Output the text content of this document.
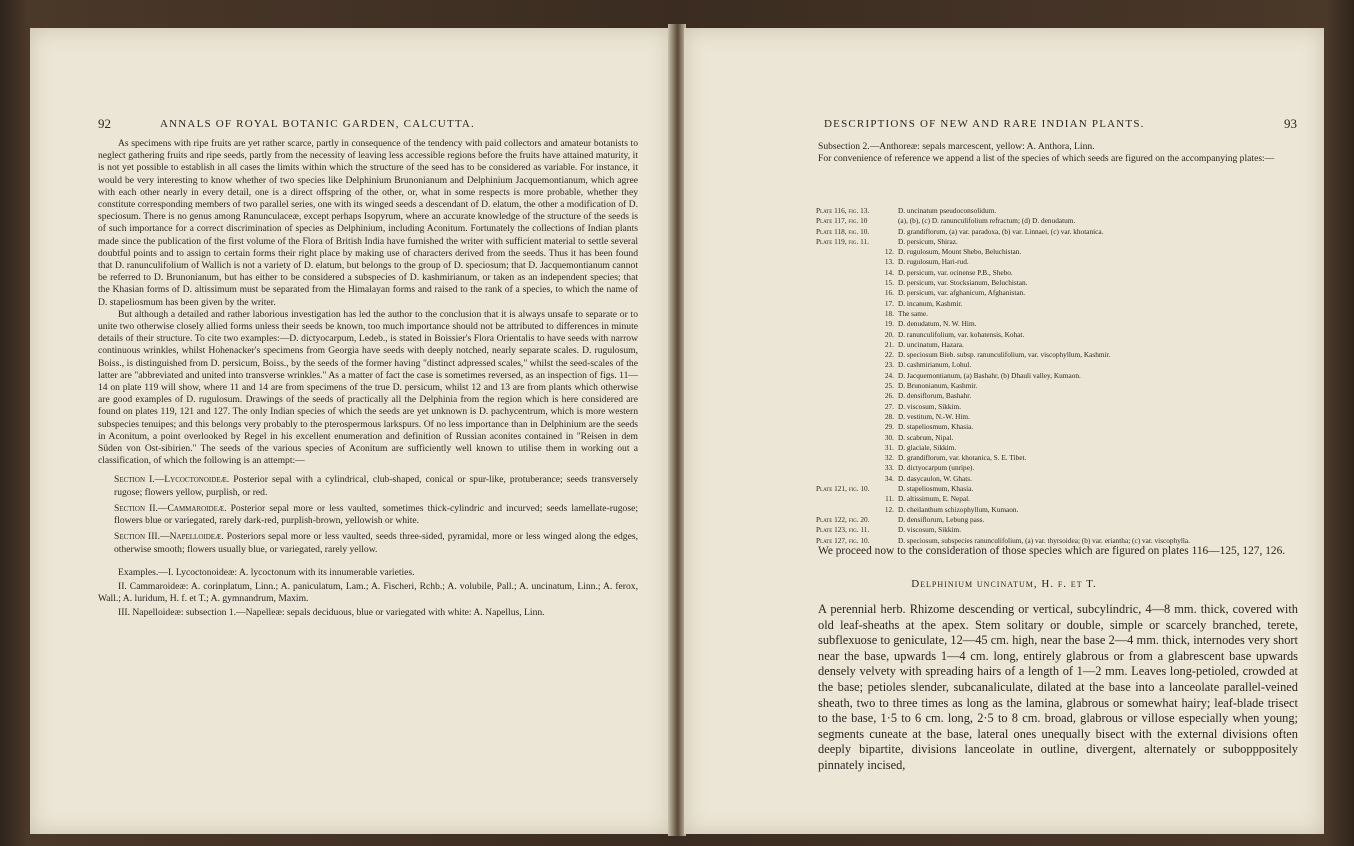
92	ANNALS OF ROYAL BOTANIC GARDEN, CALCUTTA.

As specimens with ripe fruits are yet rather scarce, partly in consequence of the tendency with paid collectors and amateur botanists to neglect gathering fruits and ripe seeds, partly from the necessity of leaving less accessible regions before the fruits have attained maturity, it is not yet possible to establish in all cases the limits within which the structure of the seed has to be considered as variable. For instance, it would be very interesting to know whether of two species like Delphinium Brunonianum and Delphinium Jacquemontianum, which agree with each other nearly in every detail, one is a direct offspring of the other, or, what in some respects is more probable, whether they constitute corresponding members of two parallel series, one with its winged seeds a descendant of D. elatum, the other a modification of D. speciosum. There is no genus among Ranunculaceæ, except perhaps Isopyrum, where an accurate knowledge of the structure of the seeds is of such importance for a correct discrimination of species as Delphinium, including Aconitum. Fortunately the collections of Indian plants made since the publication of the first volume of the Flora of British India have furnished the writer with sufficient material to settle several doubtful points and to assign to certain forms their right place by making use of characters derived from the seeds. Thus it has been found that D. ranunculifolium of Wallich is not a variety of D. elatum, but belongs to the group of D. speciosum; that D. Jacquemontianum cannot be referred to D. Brunonianum, but has either to be considered a subspecies of D. kashmirianum, or taken as an independent species; that the Khasian forms of D. altissimum must be separated from the Himalayan forms and raised to the rank of a species, to which the name of D. stapeliosmum has been given by the writer.

But although a detailed and rather laborious investigation has led the author to the conclusion that it is always unsafe to separate or to unite two otherwise closely allied forms unless their seeds be known, too much importance should not be attributed to differences in minute details of their structure. To cite two examples:—D. dictyocarpum, Ledeb., is stated in Boissier's Flora Orientalis to have seeds with narrow continuous wrinkles, whilst Hohenacker's specimens from Georgia have seeds with deeply notched, nearly separate scales. D. rugulosum, Boiss., is distinguished from D. persicum, Boiss., by the seeds of the former having "distinct adpressed scales," whilst the seed-scales of the latter are "abbreviated and united into transverse wrinkles." As a matter of fact the case is sometimes reversed, as an inspection of figs. 11—14 on plate 119 will show, where 11 and 14 are from specimens of the true D. persicum, whilst 12 and 13 are from plants which otherwise are good examples of D. rugulosum. Drawings of the seeds of practically all the Delphinia from the region which is here considered are found on plates 119, 121 and 127. The only Indian species of which the seeds are yet unknown is D. pachycentrum, which is more western subspecies tenuipes; and this belongs very probably to the pterospermous larkspurs. Of no less importance than in Delphinium are the seeds in Aconitum, a point overlooked by Regel in his excellent enumeration and definition of Russian aconites contained in "Reisen in dem Süden von Ost-sibirien." The seeds of the various species of Aconitum are sufficiently well known to utilise them in working out a classification, of which the following is an attempt:—

Section I.—Lycoctonoideæ. Posterior sepal with a cylindrical, club-shaped, conical or spur-like, protuberance; seeds transversely rugose; flowers yellow, purplish, or red.
Section II.—Cammaroideæ. Posterior sepal more or less vaulted, sometimes thick-cylindric and incurved; seeds lamellate-rugose; flowers blue or variegated, rarely dark-red, purplish-brown, yellowish or white.
Section III.—Napelloideæ. Posteriors sepal more or less vaulted, seeds three-sided, pyramidal, more or less winged along the edges, otherwise smooth; flowers usually blue, or variegated, rarely yellow.

Examples.—I. Lycoctonoideæ: A. lycoctonum with its innumerable varieties.

II. Cammaroideæ: A. corinplatum, Linn.; A. paniculatum, Lam.; A. Fischeri, Rchb.; A. volubile, Pall.; A. uncinatum, Linn.; A. ferox, Wall.; A. luridum, H. f. et T.; A. gymnandrum, Maxim.

III. Napelloideæ: subsection 1.—Napelleæ: sepals deciduous, blue or variegated with white: A. Napellus, Linn.

DESCRIPTIONS OF NEW AND RARE INDIAN PLANTS.	93

Subsection 2.—Anthoreæ: sepals marcescent, yellow: A. Anthora, Linn.

For convenience of reference we append a list of the species of which seeds are figured on the accompanying plates:—

Plate 116, fig. 13.	D. uncinatum pseudoconsolidum.
Plate 117, fig. 10	(a), (b), (c) D. ranunculifolium refractum; (d) D. denudatum.
Plate 118, fig. 10.	D. grandiflorum, (a) var. paradoxa, (b) var. Linnaei, (c) var. khotanica.
Plate 119, fig. 11.	D. persicum, Shiraz.
12. D. rugulosum, Mount Shebo, Beluchistan.
13. D. rugulosum, Hari-rud.
14. D. persicum, var. ocinense P.B., Shebo.
15. D. persicum, var. Stocksianum, Beluchistan.
16. D. persicum, var. afghanicum, Afghanistan.
17. D. incanum, Kashmir.
18. The same.
19. D. denudatum, N. W. Him.
20. D. ranunculifolium, var. kohatensis, Kohat.
21. D. uncinatum, Hazara.
22. D. speciosum Bieb. subsp. ranunculifolium, var. viscophyllum, Kashmir.
23. D. cashmirianum, Lohul.
24. D. Jacquemontianum, (a) Bashahr, (b) Dhauli valley, Kumaon.
25. D. Brunonianum, Kashmir.
26. D. densiflorum, Bashahr.
27. D. viscosum, Sikkim.
28. D. vestitum, N.-W. Him.
29. D. stapeliosmum, Khasia.
30. D. scabrum, Nipal.
31. D. glaciale, Sikkim.
32. D. grandiflorum, var. khotanica, S. E. Tibet.
33. D. dictyocarpum (unripe).
34. D. dasycaulon, W. Ghats.
Plate 121, fig. 10.	D. stapeliosmum, Khasia.
11. D. altissimum, E. Nepal.
12. D. cheilanthum schizophyllum, Kumaon.
Plate 122, fig. 20.	D. densiflorum, Lebung pass.
Plate 123, fig. 11.	D. viscosum, Sikkim.
Plate 127, fig. 10.	D. speciosum, subspecies ranunculifolium, (a) var. thyrsoidea; (b) var. eriantha; (c) var. viscophylla.
We proceed now to the consideration of those species which are figured on plates 116—125, 127, 126.
Delphinium uncinatum, H. f. et T.
A perennial herb. Rhizome descending or vertical, subcylindric, 4—8 mm. thick, covered with old leaf-sheaths at the apex. Stem solitary or double, simple or scarcely branched, terete, subflexuose to geniculate, 12—45 cm. high, near the base 2—4 mm. thick, internodes very short near the base, upwards 1—4 cm. long, entirely glabrous or from a glabrescent base upwards densely velvety with spreading hairs of a length of 1—2 mm. Leaves long-petioled, crowded at the base; petioles slender, subcanaliculate, dilated at the base into a lanceolate parallel-veined sheath, two to three times as long as the lamina, glabrous or somewhat hairy; leaf-blade trisect to the base, 1·5 to 6 cm. long, 2·5 to 8 cm. broad, glabrous or villose especially when young; segments cuneate at the base, lateral ones unequally bisect with the external divisions often deeply bipartite, divisions lanceolate in outline, divergent, alternately or subopppositely pinnately incised,
